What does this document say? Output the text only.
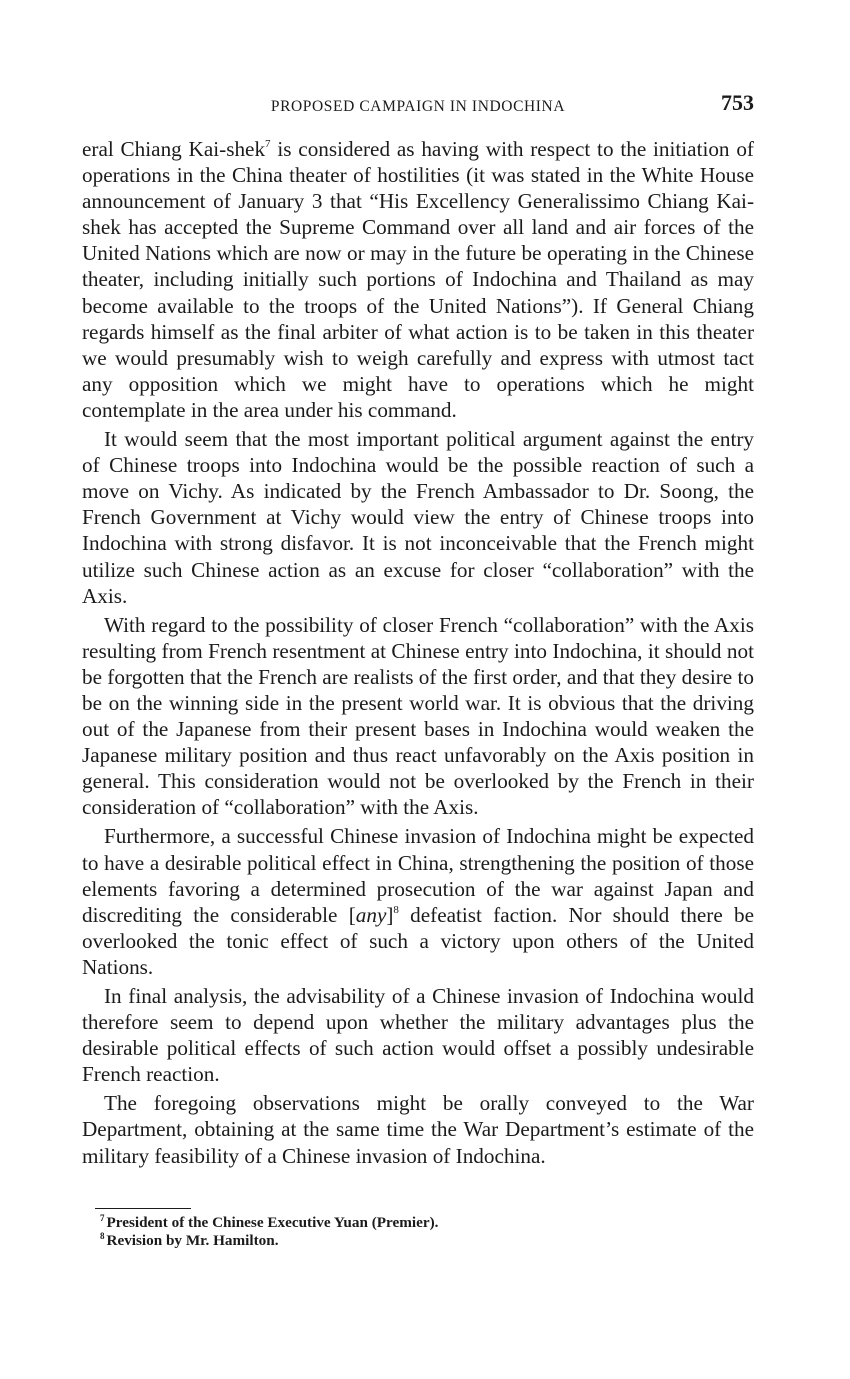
PROPOSED CAMPAIGN IN INDOCHINA	753

eral Chiang Kai-shek$^7$ is considered as having with respect to the initiation of operations in the China theater of hostilities (it was stated in the White House announcement of January 3 that “His Excellency Generalissimo Chiang Kai-shek has accepted the Supreme Command over all land and air forces of the United Nations which are now or may in the future be operating in the Chinese theater, including initially such portions of Indochina and Thailand as may become available to the troops of the United Nations”). If General Chiang regards himself as the final arbiter of what action is to be taken in this theater we would presumably wish to weigh carefully and express with utmost tact any opposition which we might have to operations which he might contemplate in the area under his command.

It would seem that the most important political argument against the entry of Chinese troops into Indochina would be the possible reaction of such a move on Vichy. As indicated by the French Ambassador to Dr. Soong, the French Government at Vichy would view the entry of Chinese troops into Indochina with strong disfavor. It is not inconceivable that the French might utilize such Chinese action as an excuse for closer “collaboration” with the Axis.

With regard to the possibility of closer French “collaboration” with the Axis resulting from French resentment at Chinese entry into Indochina, it should not be forgotten that the French are realists of the first order, and that they desire to be on the winning side in the present world war. It is obvious that the driving out of the Japanese from their present bases in Indochina would weaken the Japanese military position and thus react unfavorably on the Axis position in general. This consideration would not be overlooked by the French in their consideration of “collaboration” with the Axis.

Furthermore, a successful Chinese invasion of Indochina might be expected to have a desirable political effect in China, strengthening the position of those elements favoring a determined prosecution of the war against Japan and discrediting the considerable [any]$^8$ defeatist faction. Nor should there be overlooked the tonic effect of such a victory upon others of the United Nations.

In final analysis, the advisability of a Chinese invasion of Indochina would therefore seem to depend upon whether the military advantages plus the desirable political effects of such action would offset a possibly undesirable French reaction.

The foregoing observations might be orally conveyed to the War Department, obtaining at the same time the War Department’s estimate of the military feasibility of a Chinese invasion of Indochina.

$^7$ President of the Chinese Executive Yuan (Premier).
$^8$ Revision by Mr. Hamilton.
